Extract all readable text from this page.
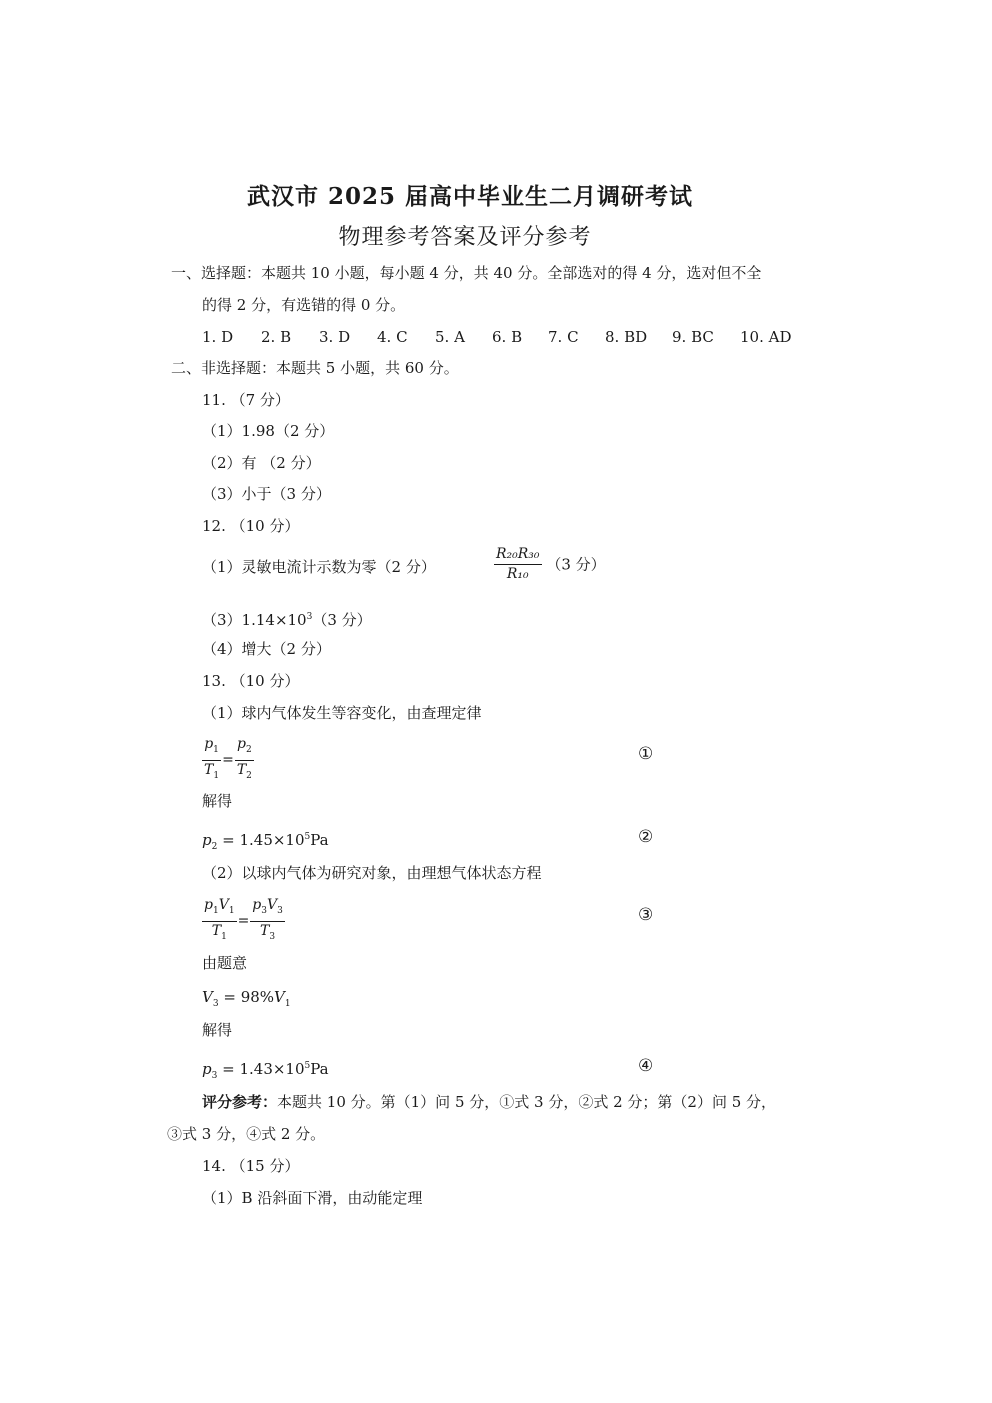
武汉市 2025 届高中毕业生二月调研考试
物理参考答案及评分参考
一、选择题：本题共 10 小题，每小题 4 分，共 40 分。全部选对的得 4 分，选对但不全
的得 2 分，有选错的得 0 分。
1. D 2. B 3. D 4. C 5. A 6. B 7. C 8. BD 9. BC 10. AD
二、非选择题：本题共 5 小题，共 60 分。
11. （7 分）
（1）1.98（2 分）
（2）有 （2 分）
（3）小于（3 分）
12. （10 分）
（1）灵敏电流计示数为零（2 分）	$\frac{\text{R₂₀R₃₀}}{\text{R₁₀}} (3$ 分）
$(3)1.14\times 10^3(3$ 分）
（4）增大（2 分）
13. （10 分）
（1）球内气体发生等容变化，由查理定律
$\frac{p_1}{T_1} = \frac{p_2}{T_2}$	①
解得
$p_2 = 1.45\times 10^5Pa$	②
（2）以球内气体为研究对象，由理想气体状态方程
$\frac{p_1V_1}{T_1} = \frac{p_3V_3}{T_3}$	③
由题意
$V_3 = 98\%V_1$
解得
$p_3 = 1.43\times 10^5Pa$	④
评分参考：本题共 10 分。第（1）问 5 分，①式 3 分，②式 2 分；第（2）问 5 分，
③式 3 分，④式 2 分。
14. （15 分）
（1）B 沿斜面下滑，由动能定理
